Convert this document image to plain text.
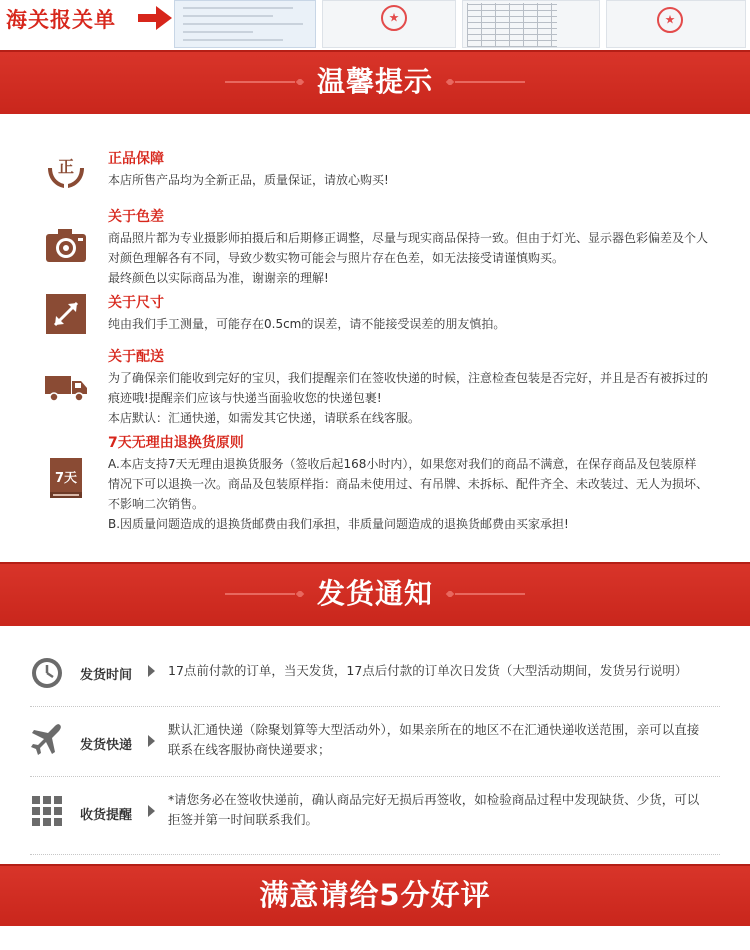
海关报关单
★
★
温馨提示
正 正品保障

本店所售产品均为全新正品，质量保证，请放心购买!

关于色差

商品照片都为专业摄影师拍摄后和后期修正调整，尽量与现实商品保持一致。但由于灯光、显示器色彩偏差及个人

对颜色理解各有不同，导致少数实物可能会与照片存在色差，如无法接受请谨慎购买。

最终颜色以实际商品为准，谢谢亲的理解!

关于尺寸

纯由我们手工测量，可能存在0.5cm的误差，请不能接受误差的朋友慎拍。

关于配送

为了确保亲们能收到完好的宝贝，我们提醒亲们在签收快递的时候，注意检查包装是否完好，并且是否有被拆过的

痕迹哦!提醒亲们应该与快递当面验收您的快递包裹!

本店默认：汇通快递，如需发其它快递，请联系在线客服。

7天
7天无理由退换货原则

A.本店支持7天无理由退换货服务（签收后起168小时内），如果您对我们的商品不满意，在保存商品及包装原样

情况下可以退换一次。商品及包装原样指：商品未使用过、有吊牌、未拆标、配件齐全、未改装过、无人为损坏、

不影响二次销售。

B.因质量问题造成的退换货邮费由我们承担，非质量问题造成的退换货邮费由买家承担!

发货通知
发货时间	17点前付款的订单，当天发货，17点后付款的订单次日发货（大型活动期间，发货另行说明）
发货快递
默认汇通快递（除聚划算等大型活动外），如果亲所在的地区不在汇通快递收送范围，亲可以直接
联系在线客服协商快递要求；
收货提醒
*请您务必在签收快递前，确认商品完好无损后再签收，如检验商品过程中发现缺货、少货，可以
拒签并第一时间联系我们。
满意请给5分好评
